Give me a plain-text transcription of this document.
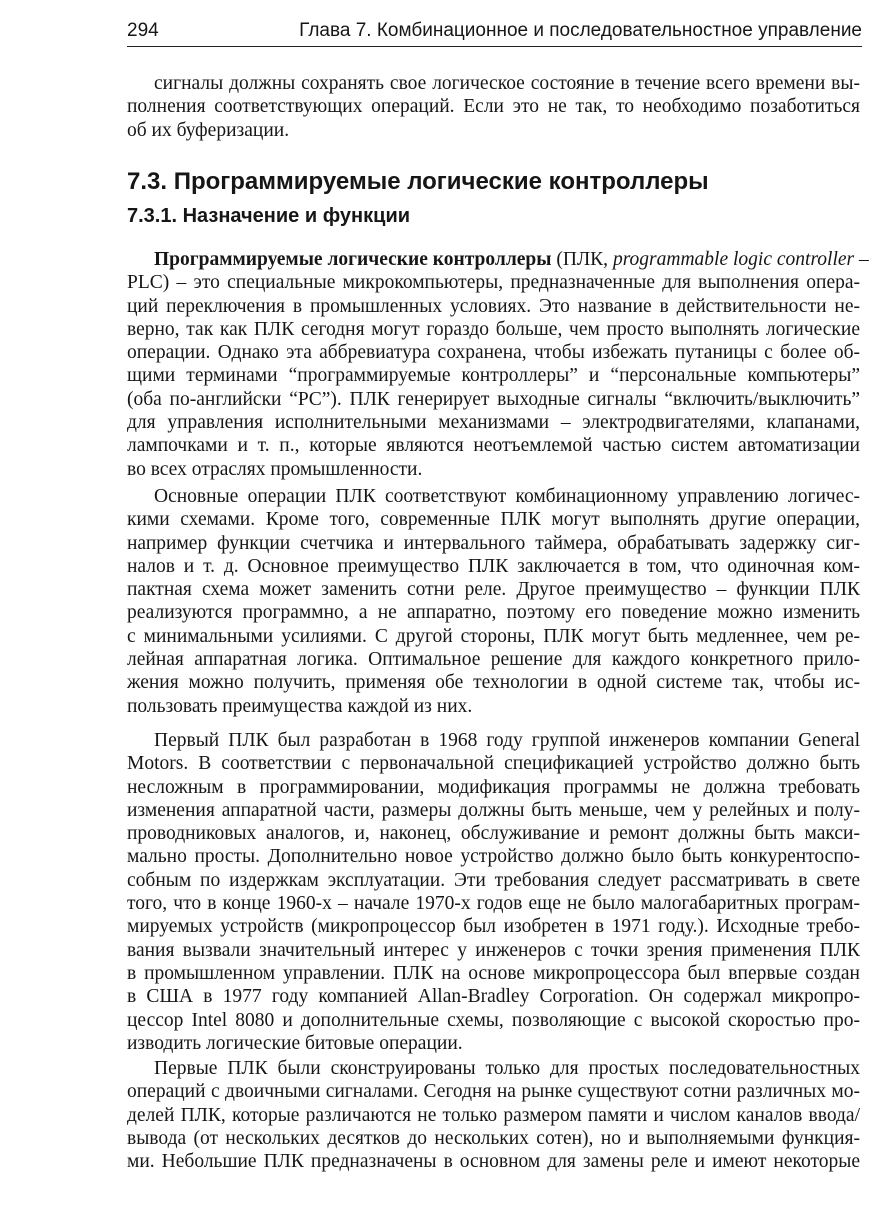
294	Глава 7. Комбинационное и последовательностное управление
сигналы должны сохранять свое логическое состояние в течение всего времени вы-
полнения соответствующих операций. Если это не так, то необходимо позаботиться
об их буферизации.
7.3. Программируемые логические контроллеры
7.3.1. Назначение и функции
Программируемые логические контроллеры (ПЛК, programmable logic controller –
PLC) – это специальные микрокомпьютеры, предназначенные для выполнения опера-
ций переключения в промышленных условиях. Это название в действительности не-
верно, так как ПЛК сегодня могут гораздо больше, чем просто выполнять логические
операции. Однако эта аббревиатура сохранена, чтобы избежать путаницы с более об-
щими терминами “программируемые контроллеры” и “персональные компьютеры”
(оба по-английски “PC”). ПЛК генерирует выходные сигналы “включить/выключить”
для управления исполнительными механизмами – электродвигателями, клапанами,
лампочками и т. п., которые являются неотъемлемой частью систем автоматизации
во всех отраслях промышленности.
Основные операции ПЛК соответствуют комбинационному управлению логичес-
кими схемами. Кроме того, современные ПЛК могут выполнять другие операции,
например функции счетчика и интервального таймера, обрабатывать задержку сиг-
налов и т. д. Основное преимущество ПЛК заключается в том, что одиночная ком-
пактная схема может заменить сотни реле. Другое преимущество – функции ПЛК
реализуются программно, а не аппаратно, поэтому его поведение можно изменить
с минимальными усилиями. С другой стороны, ПЛК могут быть медленнее, чем ре-
лейная аппаратная логика. Оптимальное решение для каждого конкретного прило-
жения можно получить, применяя обе технологии в одной системе так, чтобы ис-
пользовать преимущества каждой из них.
Первый ПЛК был разработан в 1968 году группой инженеров компании General
Motors. В соответствии с первоначальной спецификацией устройство должно быть
несложным в программировании, модификация программы не должна требовать
изменения аппаратной части, размеры должны быть меньше, чем у релейных и полу-
проводниковых аналогов, и, наконец, обслуживание и ремонт должны быть макси-
мально просты. Дополнительно новое устройство должно было быть конкурентоспо-
собным по издержкам эксплуатации. Эти требования следует рассматривать в свете
того, что в конце 1960-х – начале 1970-х годов еще не было малогабаритных програм-
мируемых устройств (микропроцессор был изобретен в 1971 году.). Исходные требо-
вания вызвали значительный интерес у инженеров с точки зрения применения ПЛК
в промышленном управлении. ПЛК на основе микропроцессора был впервые создан
в США в 1977 году компанией Allan-Bradley Corporation. Он содержал микропро-
цессор Intel 8080 и дополнительные схемы, позволяющие с высокой скоростью про-
изводить логические битовые операции.
Первые ПЛК были сконструированы только для простых последовательностных
операций с двоичными сигналами. Сегодня на рынке существуют сотни различных мо-
делей ПЛК, которые различаются не только размером памяти и числом каналов ввода/
вывода (от нескольких десятков до нескольких сотен), но и выполняемыми функция-
ми. Небольшие ПЛК предназначены в основном для замены реле и имеют некоторые
